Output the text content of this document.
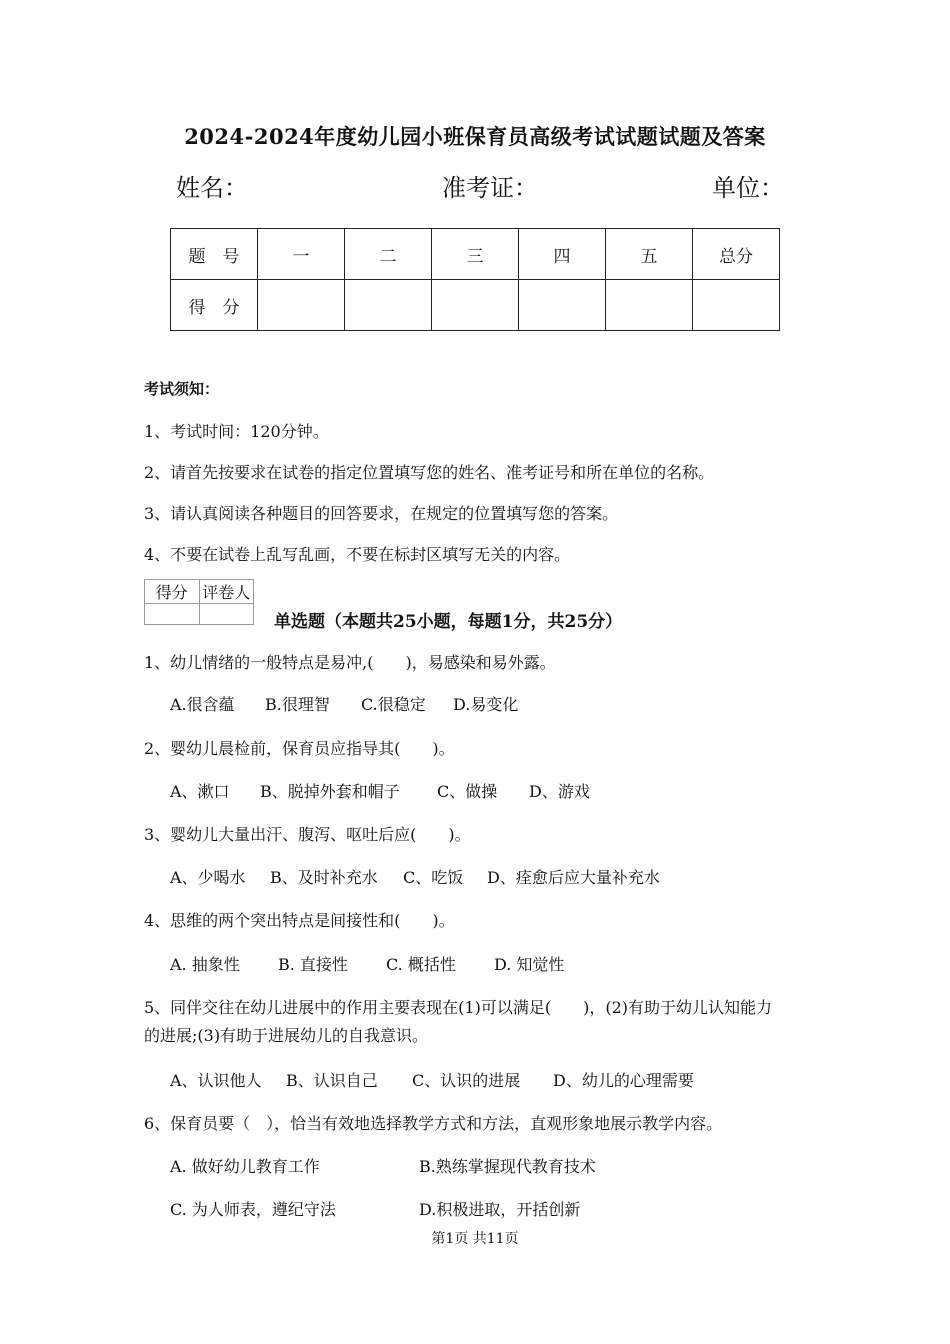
2024-2024年度幼儿园小班保育员高级考试试题试题及答案
姓名：	准考证：	单位：
题　号	一	二	三	四	五	总分
得　分						
考试须知：
1、考试时间：120分钟。
2、请首先按要求在试卷的指定位置填写您的姓名、准考证号和所在单位的名称。
3、请认真阅读各种题目的回答要求，在规定的位置填写您的答案。
4、不要在试卷上乱写乱画，不要在标封区填写无关的内容。
得分	评卷人

单选题（本题共25小题，每题1分，共25分）
1、幼儿情绪的一般特点是易冲,(　　)，易感染和易外露。
A.很含蕴 B.很理智 C.很稳定 D.易变化
2、婴幼儿晨检前，保育员应指导其(　　)。
A、漱口 B、脱掉外套和帽子 C、做操 D、游戏
3、婴幼儿大量出汗、腹泻、呕吐后应(　　)。
A、少喝水 B、及时补充水 C、吃饭 D、痊愈后应大量补充水
4、思维的两个突出特点是间接性和(　　)。
A. 抽象性 B. 直接性 C. 概括性 D. 知觉性
5、同伴交往在幼儿进展中的作用主要表现在(1)可以满足(　　)，(2)有助于幼儿认知能力
的进展;(3)有助于进展幼儿的自我意识。
A、认识他人 B、认识自己 C、认识的进展 D、幼儿的心理需要
6、保育员要（　），恰当有效地选择教学方式和方法，直观形象地展示教学内容。
A. 做好幼儿教育工作	B.熟练掌握现代教育技术
C. 为人师表，遵纪守法	D.积极进取，开括创新
第1页 共11页
